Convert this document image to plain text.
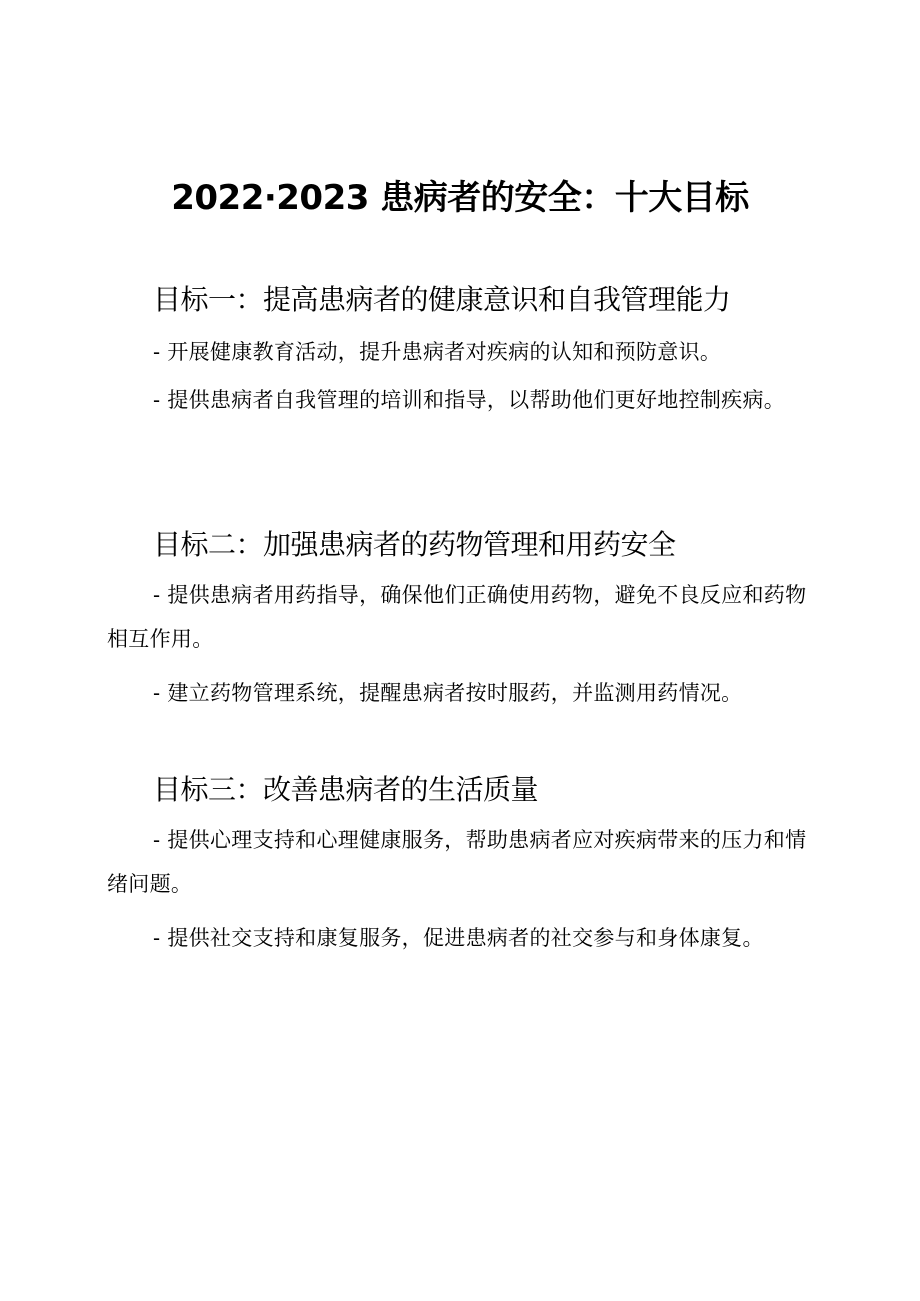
2022·2023 患病者的安全：十大目标
目标一：提高患病者的健康意识和自我管理能力

- 开展健康教育活动，提升患病者对疾病的认知和预防意识。

- 提供患病者自我管理的培训和指导，以帮助他们更好地控制疾病。

目标二：加强患病者的药物管理和用药安全

- 提供患病者用药指导，确保他们正确使用药物，避免不良反应和药物相互作用。

- 建立药物管理系统，提醒患病者按时服药，并监测用药情况。

目标三：改善患病者的生活质量

- 提供心理支持和心理健康服务，帮助患病者应对疾病带来的压力和情绪问题。

- 提供社交支持和康复服务，促进患病者的社交参与和身体康复。
